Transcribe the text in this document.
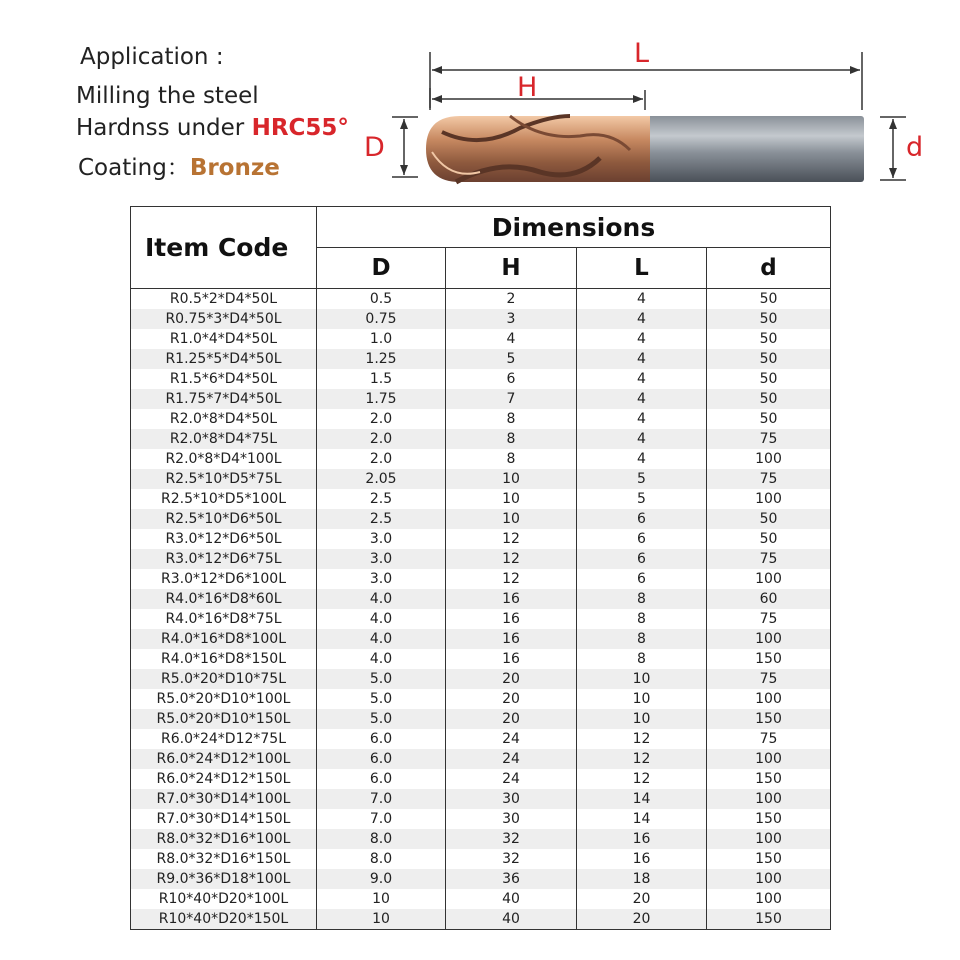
Application :
Milling the steel
Hardnss under HRC55°
Coating：Bronze
L
H
D	d
Item Code	Dimensions			
	D	H	L	d
R0.5*2*D4*50L	0.5	2	4	50
R0.75*3*D4*50L	0.75	3	4	50
R1.0*4*D4*50L	1.0	4	4	50
R1.25*5*D4*50L	1.25	5	4	50
R1.5*6*D4*50L	1.5	6	4	50
R1.75*7*D4*50L	1.75	7	4	50
R2.0*8*D4*50L	2.0	8	4	50
R2.0*8*D4*75L	2.0	8	4	75
R2.0*8*D4*100L	2.0	8	4	100
R2.5*10*D5*75L	2.05	10	5	75
R2.5*10*D5*100L	2.5	10	5	100
R2.5*10*D6*50L	2.5	10	6	50
R3.0*12*D6*50L	3.0	12	6	50
R3.0*12*D6*75L	3.0	12	6	75
R3.0*12*D6*100L	3.0	12	6	100
R4.0*16*D8*60L	4.0	16	8	60
R4.0*16*D8*75L	4.0	16	8	75
R4.0*16*D8*100L	4.0	16	8	100
R4.0*16*D8*150L	4.0	16	8	150
R5.0*20*D10*75L	5.0	20	10	75
R5.0*20*D10*100L	5.0	20	10	100
R5.0*20*D10*150L	5.0	20	10	150
R6.0*24*D12*75L	6.0	24	12	75
R6.0*24*D12*100L	6.0	24	12	100
R6.0*24*D12*150L	6.0	24	12	150
R7.0*30*D14*100L	7.0	30	14	100
R7.0*30*D14*150L	7.0	30	14	150
R8.0*32*D16*100L	8.0	32	16	100
R8.0*32*D16*150L	8.0	32	16	150
R9.0*36*D18*100L	9.0	36	18	100
R10*40*D20*100L	10	40	20	100
R10*40*D20*150L	10	40	20	150
